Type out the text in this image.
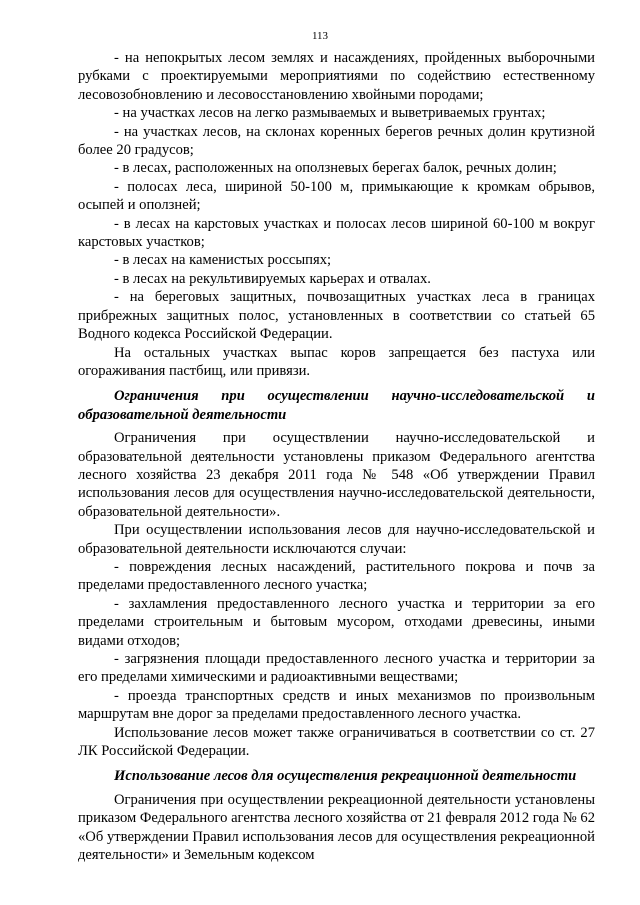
113

- на непокрытых лесом землях и насаждениях, пройденных выборочными рубками с проектируемыми мероприятиями по содействию естественному лесовозобновлению и лесовосстановлению хвойными породами;

- на участках лесов на легко размываемых и выветриваемых грунтах;

- на участках лесов, на склонах коренных берегов речных долин крутизной более 20 градусов;

- в лесах, расположенных на оползневых берегах балок, речных долин;

- полосах леса, шириной 50-100 м, примыкающие к кромкам обрывов, осыпей и оползней;

- в лесах на карстовых участках и полосах лесов шириной 60-100 м вокруг карстовых участков;

- в лесах на каменистых россыпях;

- в лесах на рекультивируемых карьерах и отвалах.

- на береговых защитных, почвозащитных участках леса в границах прибрежных защитных полос, установленных в соответствии со статьей 65 Водного кодекса Российской Федерации.

На остальных участках выпас коров запрещается без пастуха или огораживания пастбищ, или привязи.

Ограничения при осуществлении научно-исследовательской и образовательной деятельности

Ограничения при осуществлении научно-исследовательской и образовательной деятельности установлены приказом Федерального агентства лесного хозяйства 23 декабря 2011 года № 548 «Об утверждении Правил использования лесов для осуществления научно-исследовательской деятельности, образовательной деятельности».

При осуществлении использования лесов для научно-исследовательской и образовательной деятельности исключаются случаи:

- повреждения лесных насаждений, растительного покрова и почв за пределами предоставленного лесного участка;

- захламления предоставленного лесного участка и территории за его пределами строительным и бытовым мусором, отходами древесины, иными видами отходов;

- загрязнения площади предоставленного лесного участка и территории за его пределами химическими и радиоактивными веществами;

- проезда транспортных средств и иных механизмов по произвольным маршрутам вне дорог за пределами предоставленного лесного участка.

Использование лесов может также ограничиваться в соответствии со ст. 27 ЛК Российской Федерации.

Использование лесов для осуществления рекреационной деятельности

Ограничения при осуществлении рекреационной деятельности установлены приказом Федерального агентства лесного хозяйства от 21 февраля 2012 года № 62 «Об утверждении Правил использования лесов для осуществления рекреационной деятельности» и Земельным кодексом
